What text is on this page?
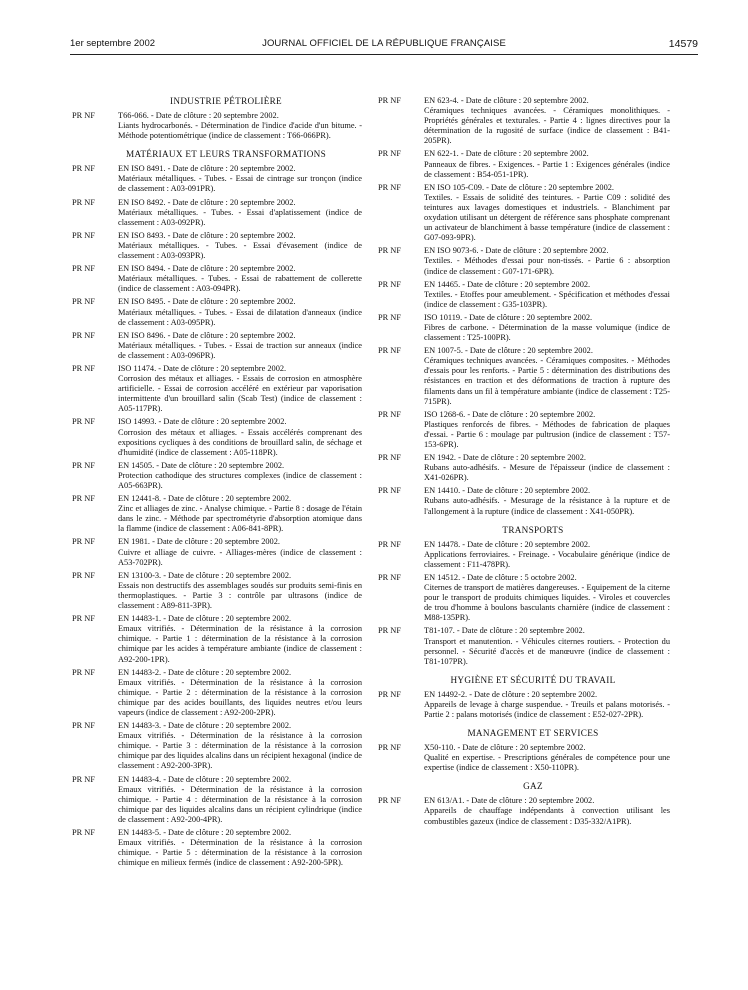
1er septembre 2002	JOURNAL OFFICIEL DE LA RÉPUBLIQUE FRANÇAISE	14579
INDUSTRIE PÉTROLIÈRE
PR NF	T66-066. - Date de clôture : 20 septembre 2002.
Liants hydrocarbonés. - Détermination de l'indice d'acide d'un bitume. - Méthode potentiométrique (indice de classement : T66-066PR).
MATÉRIAUX ET LEURS TRANSFORMATIONS
PR NF	EN ISO 8491. - Date de clôture : 20 septembre 2002.
Matériaux métalliques. - Tubes. - Essai de cintrage sur tronçon (indice de classement : A03-091PR).
PR NF	EN ISO 8492. - Date de clôture : 20 septembre 2002.
Matériaux métalliques. - Tubes. - Essai d'aplatissement (indice de classement : A03-092PR).
PR NF	EN ISO 8493. - Date de clôture : 20 septembre 2002.
Matériaux métalliques. - Tubes. - Essai d'évasement (indice de classement : A03-093PR).
PR NF	EN ISO 8494. - Date de clôture : 20 septembre 2002.
Matériaux métalliques. - Tubes. - Essai de rabattement de collerette (indice de classement : A03-094PR).
PR NF	EN ISO 8495. - Date de clôture : 20 septembre 2002.
Matériaux métalliques. - Tubes. - Essai de dilatation d'anneaux (indice de classement : A03-095PR).
PR NF	EN ISO 8496. - Date de clôture : 20 septembre 2002.
Matériaux métalliques. - Tubes. - Essai de traction sur anneaux (indice de classement : A03-096PR).
PR NF	ISO 11474. - Date de clôture : 20 septembre 2002.
Corrosion des métaux et alliages. - Essais de corrosion en atmosphère artificielle. - Essai de corrosion accéléré en extérieur par vaporisation intermittente d'un brouillard salin (Scab Test) (indice de classement : A05-117PR).
PR NF	ISO 14993. - Date de clôture : 20 septembre 2002.
Corrosion des métaux et alliages. - Essais accélérés comprenant des expositions cycliques à des conditions de brouillard salin, de séchage et d'humidité (indice de classement : A05-118PR).
PR NF	EN 14505. - Date de clôture : 20 septembre 2002.
Protection cathodique des structures complexes (indice de classement : A05-663PR).
PR NF	EN 12441-8. - Date de clôture : 20 septembre 2002.
Zinc et alliages de zinc. - Analyse chimique. - Partie 8 : dosage de l'étain dans le zinc. - Méthode par spectrométyrie d'absorption atomique dans la flamme (indice de classement : A06-841-8PR).
PR NF	EN 1981. - Date de clôture : 20 septembre 2002.
Cuivre et alliage de cuivre. - Alliages-mères (indice de classement : A53-702PR).
PR NF	EN 13100-3. - Date de clôture : 20 septembre 2002.
Essais non destructifs des assemblages soudés sur produits semi-finis en thermoplastiques. - Partie 3 : contrôle par ultrasons (indice de classement : A89-811-3PR).
PR NF	EN 14483-1. - Date de clôture : 20 septembre 2002.
Emaux vitrifiés. - Détermination de la résistance à la corrosion chimique. - Partie 1 : détermination de la résistance à la corrosion chimique par les acides à température ambiante (indice de classement : A92-200-1PR).
PR NF	EN 14483-2. - Date de clôture : 20 septembre 2002.
Emaux vitrifiés. - Détermination de la résistance à la corrosion chimique. - Partie 2 : détermination de la résistance à la corrosion chimique par des acides bouillants, des liquides neutres et/ou leurs vapeurs (indice de classement : A92-200-2PR).
PR NF	EN 14483-3. - Date de clôture : 20 septembre 2002.
Emaux vitrifiés. - Détermination de la résistance à la corrosion chimique. - Partie 3 : détermination de la résistance à la corrosion chimique par des liquides alcalins dans un récipient hexagonal (indice de classement : A92-200-3PR).
PR NF	EN 14483-4. - Date de clôture : 20 septembre 2002.
Emaux vitrifiés. - Détermination de la résistance à la corrosion chimique. - Partie 4 : détermination de la résistance à la corrosion chimique par des liquides alcalins dans un récipient cylindrique (indice de classement : A92-200-4PR).
PR NF	EN 14483-5. - Date de clôture : 20 septembre 2002.
Emaux vitrifiés. - Détermination de la résistance à la corrosion chimique. - Partie 5 : détermination de la résistance à la corrosion chimique en milieux fermés (indice de classement : A92-200-5PR).
PR NF	EN 623-4. - Date de clôture : 20 septembre 2002.
Céramiques techniques avancées. - Céramiques monolithiques. - Propriétés générales et texturales. - Partie 4 : lignes directives pour la détermination de la rugosité de surface (indice de classement : B41-205PR).
PR NF	EN 622-1. - Date de clôture : 20 septembre 2002.
Panneaux de fibres. - Exigences. - Partie 1 : Exigences générales (indice de classement : B54-051-1PR).
PR NF	EN ISO 105-C09. - Date de clôture : 20 septembre 2002.
Textiles. - Essais de solidité des teintures. - Partie C09 : solidité des teintures aux lavages domestiques et industriels. - Blanchiment par oxydation utilisant un détergent de référence sans phosphate comprenant un activateur de blanchiment à basse température (indice de classement : G07-093-9PR).
PR NF	EN ISO 9073-6. - Date de clôture : 20 septembre 2002.
Textiles. - Méthodes d'essai pour non-tissés. - Partie 6 : absorption (indice de classement : G07-171-6PR).
PR NF	EN 14465. - Date de clôture : 20 septembre 2002.
Textiles. - Etoffes pour ameublement. - Spécification et méthodes d'essai (indice de classement : G35-103PR).
PR NF	ISO 10119. - Date de clôture : 20 septembre 2002.
Fibres de carbone. - Détermination de la masse volumique (indice de classement : T25-100PR).
PR NF	EN 1007-5. - Date de clôture : 20 septembre 2002.
Céramiques techniques avancées. - Céramiques composites. - Méthodes d'essais pour les renforts. - Partie 5 : détermination des distributions des résistances en traction et des déformations de traction à rupture des filaments dans un fil à température ambiante (indice de classement : T25-715PR).
PR NF	ISO 1268-6. - Date de clôture : 20 septembre 2002.
Plastiques renforcés de fibres. - Méthodes de fabrication de plaques d'essai. - Partie 6 : moulage par pultrusion (indice de classement : T57-153-6PR).
PR NF	EN 1942. - Date de clôture : 20 septembre 2002.
Rubans auto-adhésifs. - Mesure de l'épaisseur (indice de classement : X41-026PR).
PR NF	EN 14410. - Date de clôture : 20 septembre 2002.
Rubans auto-adhésifs. - Mesurage de la résistance à la rupture et de l'allongement à la rupture (indice de classement : X41-050PR).
TRANSPORTS
PR NF	EN 14478. - Date de clôture : 20 septembre 2002.
Applications ferroviaires. - Freinage. - Vocabulaire générique (indice de classement : F11-478PR).
PR NF	EN 14512. - Date de clôture : 5 octobre 2002.
Citernes de transport de matières dangereuses. - Equipement de la citerne pour le transport de produits chimiques liquides. - Viroles et couvercles de trou d'homme à boulons basculants charnière (indice de classement : M88-135PR).
PR NF	T81-107. - Date de clôture : 20 septembre 2002.
Transport et manutention. - Véhicules citernes routiers. - Protection du personnel. - Sécurité d'accès et de manœuvre (indice de classement : T81-107PR).
HYGIÈNE ET SÉCURITÉ DU TRAVAIL
PR NF	EN 14492-2. - Date de clôture : 20 septembre 2002.
Appareils de levage à charge suspendue. - Treuils et palans motorisés. - Partie 2 : palans motorisés (indice de classement : E52-027-2PR).
MANAGEMENT ET SERVICES
PR NF	X50-110. - Date de clôture : 20 septembre 2002.
Qualité en expertise. - Prescriptions générales de compétence pour une expertise (indice de classement : X50-110PR).
GAZ
PR NF	EN 613/A1. - Date de clôture : 20 septembre 2002.
Appareils de chauffage indépendants à convection utilisant les combustibles gazeux (indice de classement : D35-332/A1PR).
